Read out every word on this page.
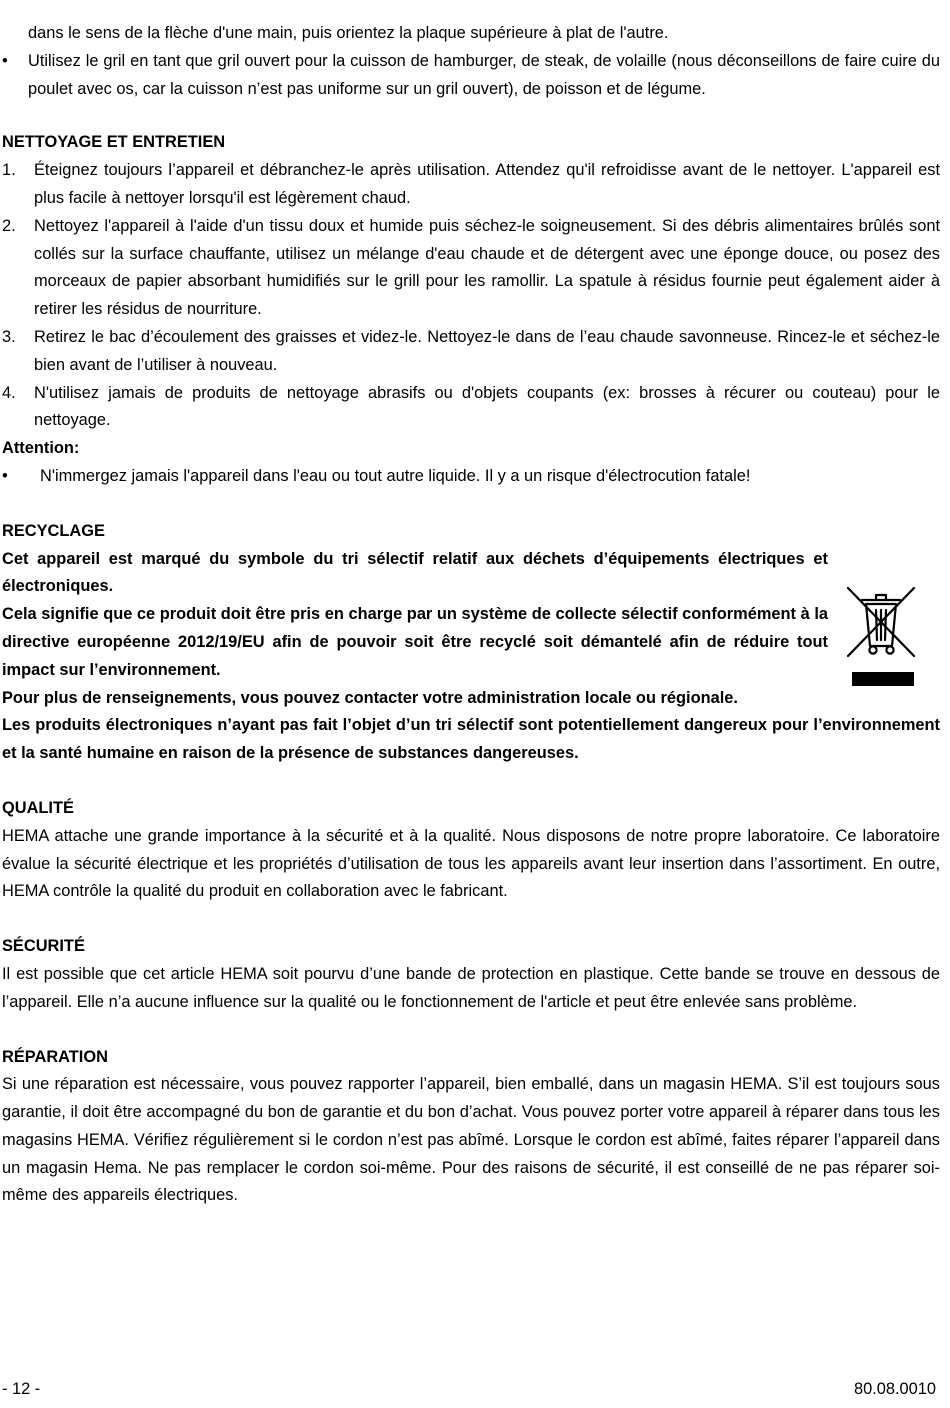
dans le sens de la flèche d'une main, puis orientez la plaque supérieure à plat de l'autre.

•	Utilisez le gril en tant que gril ouvert pour la cuisson de hamburger, de steak, de volaille (nous déconseillons de faire cuire du poulet avec os, car la cuisson n’est pas uniforme sur un gril ouvert), de poisson et de légume.

NETTOYAGE ET ENTRETIEN
1.	Éteignez toujours l’appareil et débranchez-le après utilisation. Attendez qu'il refroidisse avant de le nettoyer. L'appareil est plus facile à nettoyer lorsqu'il est légèrement chaud.

2.	Nettoyez l'appareil à l'aide d'un tissu doux et humide puis séchez-le soigneusement. Si des débris alimentaires brûlés sont collés sur la surface chauffante, utilisez un mélange d'eau chaude et de détergent avec une éponge douce, ou posez des morceaux de papier absorbant humidifiés sur le grill pour les ramollir. La spatule à résidus fournie peut également aider à retirer les résidus de nourriture.

3.	Retirez le bac d’écoulement des graisses et videz-le. Nettoyez-le dans de l’eau chaude savonneuse. Rincez-le et séchez-le bien avant de l’utiliser à nouveau.

4.	N'utilisez jamais de produits de nettoyage abrasifs ou d'objets coupants (ex: brosses à récurer ou couteau) pour le nettoyage.

Attention:
• N'immergez jamais l'appareil dans l'eau ou tout autre liquide. Il y a un risque d'électrocution fatale!

RECYCLAGE

Cet appareil est marqué du symbole du tri sélectif relatif aux déchets d’équipements électriques et électroniques.

Cela signifie que ce produit doit être pris en charge par un système de collecte sélectif conformément à la directive européenne 2012/19/EU afin de pouvoir soit être recyclé soit démantelé afin de réduire tout impact sur l’environnement.

Pour plus de renseignements, vous pouvez contacter votre administration locale ou régionale.

Les produits électroniques n’ayant pas fait l’objet d’un tri sélectif sont potentiellement dangereux pour l’environnement et la santé humaine en raison de la présence de substances dangereuses.

QUALITÉ

HEMA attache une grande importance à la sécurité et à la qualité. Nous disposons de notre propre laboratoire. Ce laboratoire évalue la sécurité électrique et les propriétés d’utilisation de tous les appareils avant leur insertion dans l’assortiment. En outre, HEMA contrôle la qualité du produit en collaboration avec le fabricant.

SÉCURITÉ

Il est possible que cet article HEMA soit pourvu d’une bande de protection en plastique. Cette bande se trouve en dessous de l’appareil. Elle n’a aucune influence sur la qualité ou le fonctionnement de l'article et peut être enlevée sans problème.

RÉPARATION

Si une réparation est nécessaire, vous pouvez rapporter l’appareil, bien emballé, dans un magasin HEMA. S’il est toujours sous garantie, il doit être accompagné du bon de garantie et du bon d’achat. Vous pouvez porter votre appareil à réparer dans tous les magasins HEMA. Vérifiez régulièrement si le cordon n’est pas abîmé. Lorsque le cordon est abîmé, faites réparer l’appareil dans un magasin Hema. Ne pas remplacer le cordon soi-même. Pour des raisons de sécurité, il est conseillé de ne pas réparer soi-même des appareils électriques.

- 12 -	80.08.0010
